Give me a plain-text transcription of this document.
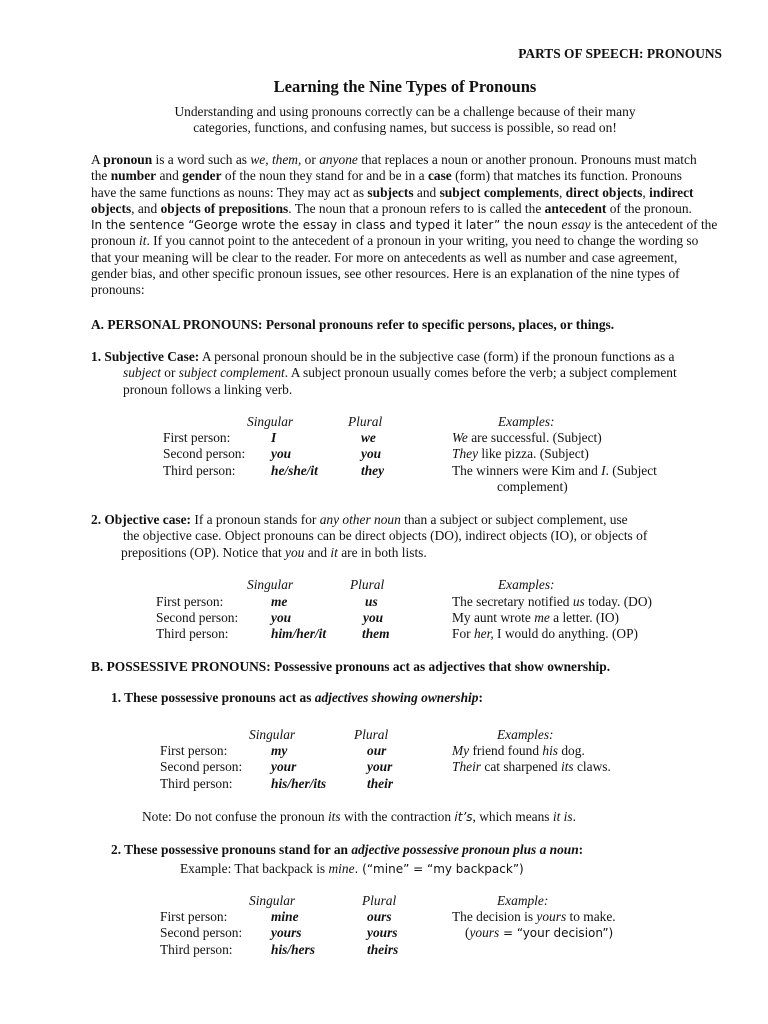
PARTS OF SPEECH: PRONOUNS
Learning the Nine Types of Pronouns
Understanding and using pronouns correctly can be a challenge because of their many
categories, functions, and confusing names, but success is possible, so read on!
A pronoun is a word such as we, them, or anyone that replaces a noun or another pronoun. Pronouns must match
the number and gender of the noun they stand for and be in a case (form) that matches its function. Pronouns
have the same functions as nouns: They may act as subjects and subject complements, direct objects, indirect
objects, and objects of prepositions. The noun that a pronoun refers to is called the antecedent of the pronoun.
In the sentence “George wrote the essay in class and typed it later” the noun essay is the antecedent of the
pronoun it. If you cannot point to the antecedent of a pronoun in your writing, you need to change the wording so
that your meaning will be clear to the reader. For more on antecedents as well as number and case agreement,
gender bias, and other specific pronoun issues, see other resources. Here is an explanation of the nine types of
pronouns:
A. PERSONAL PRONOUNS: Personal pronouns refer to specific persons, places, or things.
1. Subjective Case: A personal pronoun should be in the subjective case (form) if the pronoun functions as a
subject or subject complement. A subject pronoun usually comes before the verb; a subject complement
pronoun follows a linking verb.
Singular	Plural	Examples:
First person:	I	we	We are successful. (Subject)
Second person: you	you	They like pizza. (Subject)
Third person:	he/she/it	they	The winners were Kim and I. (Subject
complement)
2. Objective case: If a pronoun stands for any other noun than a subject or subject complement, use
the objective case. Object pronouns can be direct objects (DO), indirect objects (IO), or objects of
prepositions (OP). Notice that you and it are in both lists.
Singular	Plural	Examples:
First person:	me	us	The secretary notified us today. (DO)
Second person: you	you	My aunt wrote me a letter. (IO)
Third person:	him/her/it	them	For her, I would do anything. (OP)
B. POSSESSIVE PRONOUNS: Possessive pronouns act as adjectives that show ownership.
1. These possessive pronouns act as adjectives showing ownership:
Singular	Plural	Examples:
First person:	my	our	My friend found his dog.
Second person: your	your	Their cat sharpened its claws.
Third person:	his/her/its	their
Note: Do not confuse the pronoun its with the contraction it’s, which means it is.
2. These possessive pronouns stand for an adjective possessive pronoun plus a noun:
Example: That backpack is mine. (“mine” = “my backpack”)
Singular	Plural	Example:
First person:	mine	ours	The decision is yours to make.
Second person: yours	yours	(yours = “your decision”)
Third person:	his/hers	theirs
